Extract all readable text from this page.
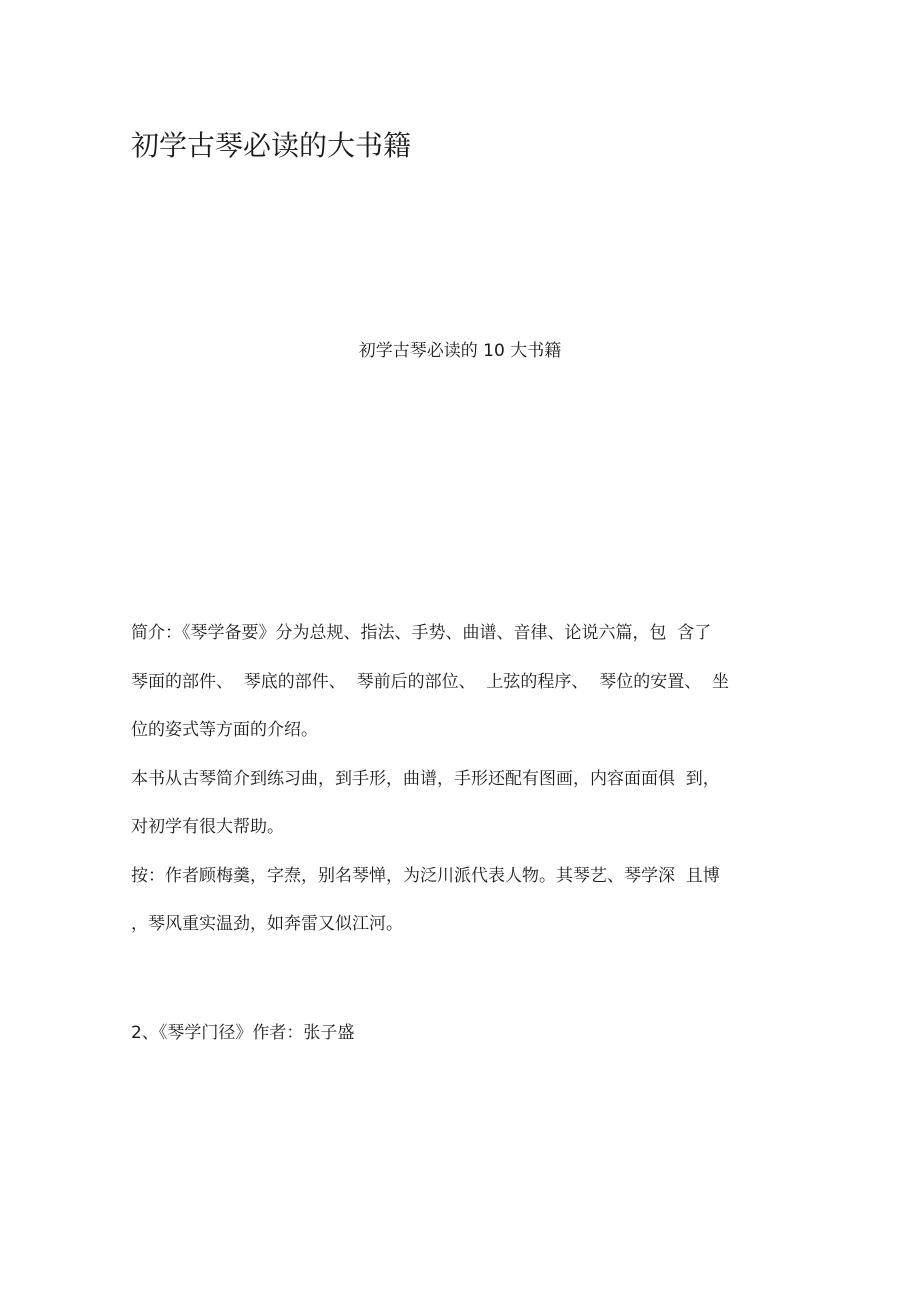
初学古琴必读的大书籍

初学古琴必读的 10 大书籍

简介：《琴学备要》分为总规、指法、手势、曲谱、音律、论说六篇，包  含了

琴面的部件、  琴底的部件、  琴前后的部位、  上弦的程序、  琴位的安置、  坐

位的姿式等方面的介绍。

本书从古琴简介到练习曲，到手形，曲谱，手形还配有图画，内容面面俱  到，

对初学有很大帮助。

按：作者顾梅羹，字焘，别名琴惮，为泛川派代表人物。其琴艺、琴学深  且博

，琴风重实温劲，如奔雷又似江河。

2、《琴学门径》作者：张子盛
